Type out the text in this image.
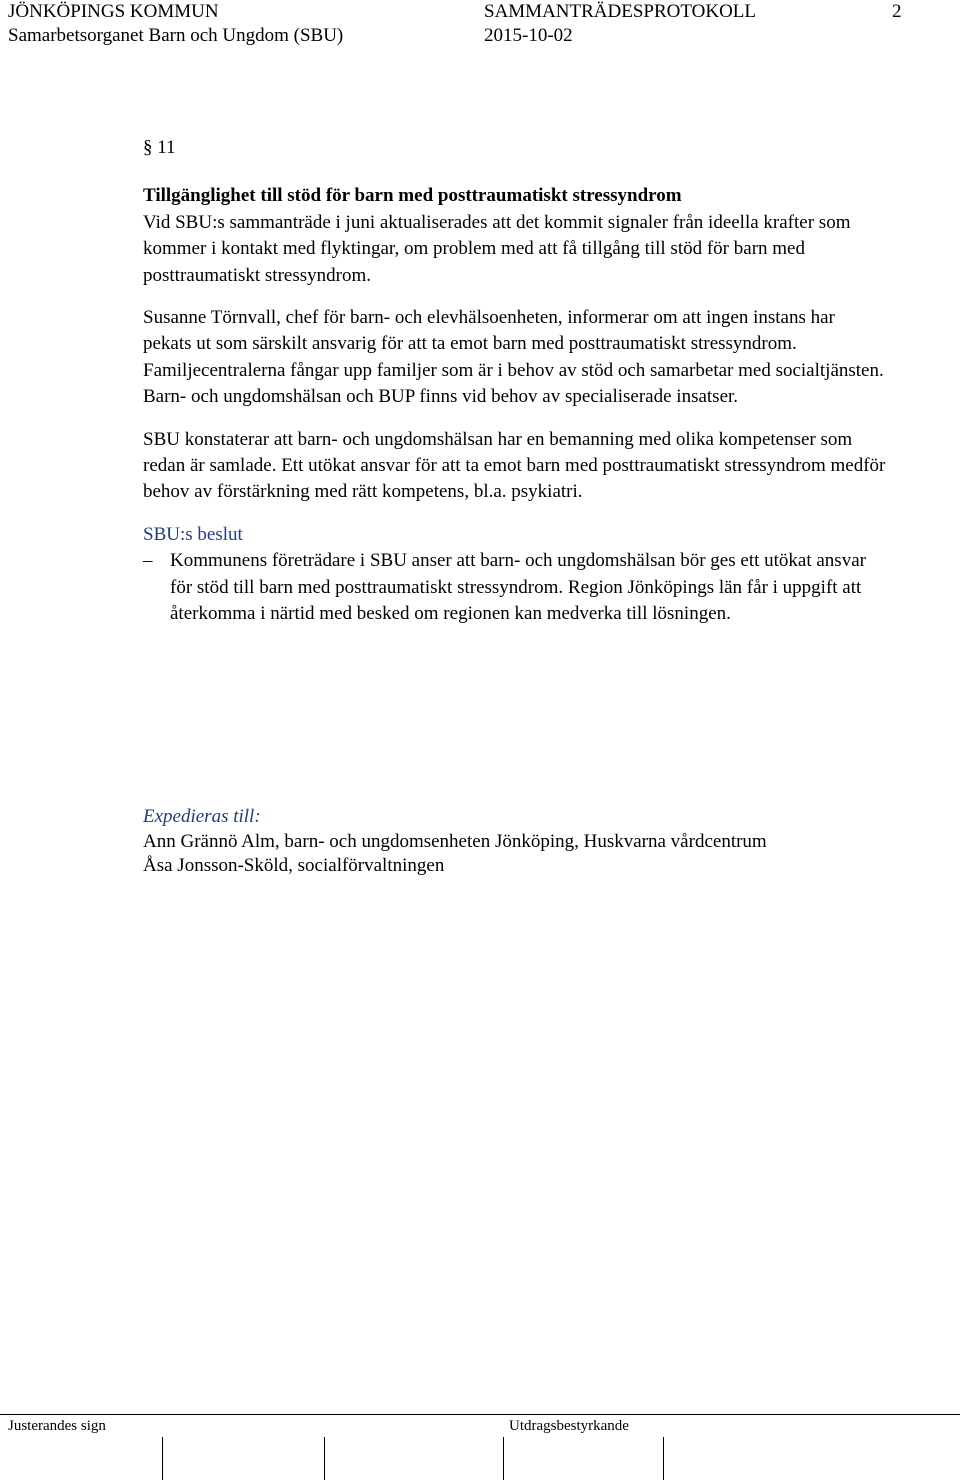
JÖNKÖPINGS KOMMUN
Samarbetsorganet Barn och Ungdom (SBU)
SAMMANTRÄDESPROTOKOLL
2015-10-02
2
§ 11
Tillgänglighet till stöd för barn med posttraumatiskt stressyndrom

Vid SBU:s sammanträde i juni aktualiserades att det kommit signaler från ideella krafter som kommer i kontakt med flyktingar, om problem med att få tillgång till stöd för barn med posttraumatiskt stressyndrom.

Susanne Törnvall, chef för barn- och elevhälsoenheten, informerar om att ingen instans har pekats ut som särskilt ansvarig för att ta emot barn med posttraumatiskt stressyndrom. Familjecentralerna fångar upp familjer som är i behov av stöd och samarbetar med socialtjänsten. Barn- och ungdomshälsan och BUP finns vid behov av specialiserade insatser.

SBU konstaterar att barn- och ungdomshälsan har en bemanning med olika kompetenser som redan är samlade. Ett utökat ansvar för att ta emot barn med posttraumatiskt stressyndrom medför behov av förstärkning med rätt kompetens, bl.a. psykiatri.

SBU:s beslut
– Kommunens företrädare i SBU anser att barn- och ungdomshälsan bör ges ett utökat ansvar för stöd till barn med posttraumatiskt stressyndrom. Region Jönköpings län får i uppgift att återkomma i närtid med besked om regionen kan medverka till lösningen.
Expedieras till:
Ann Grännö Alm, barn- och ungdomsenheten Jönköping, Huskvarna vårdcentrum
Åsa Jonsson-Sköld, socialförvaltningen
Justerandes sign	Utdragsbestyrkande
